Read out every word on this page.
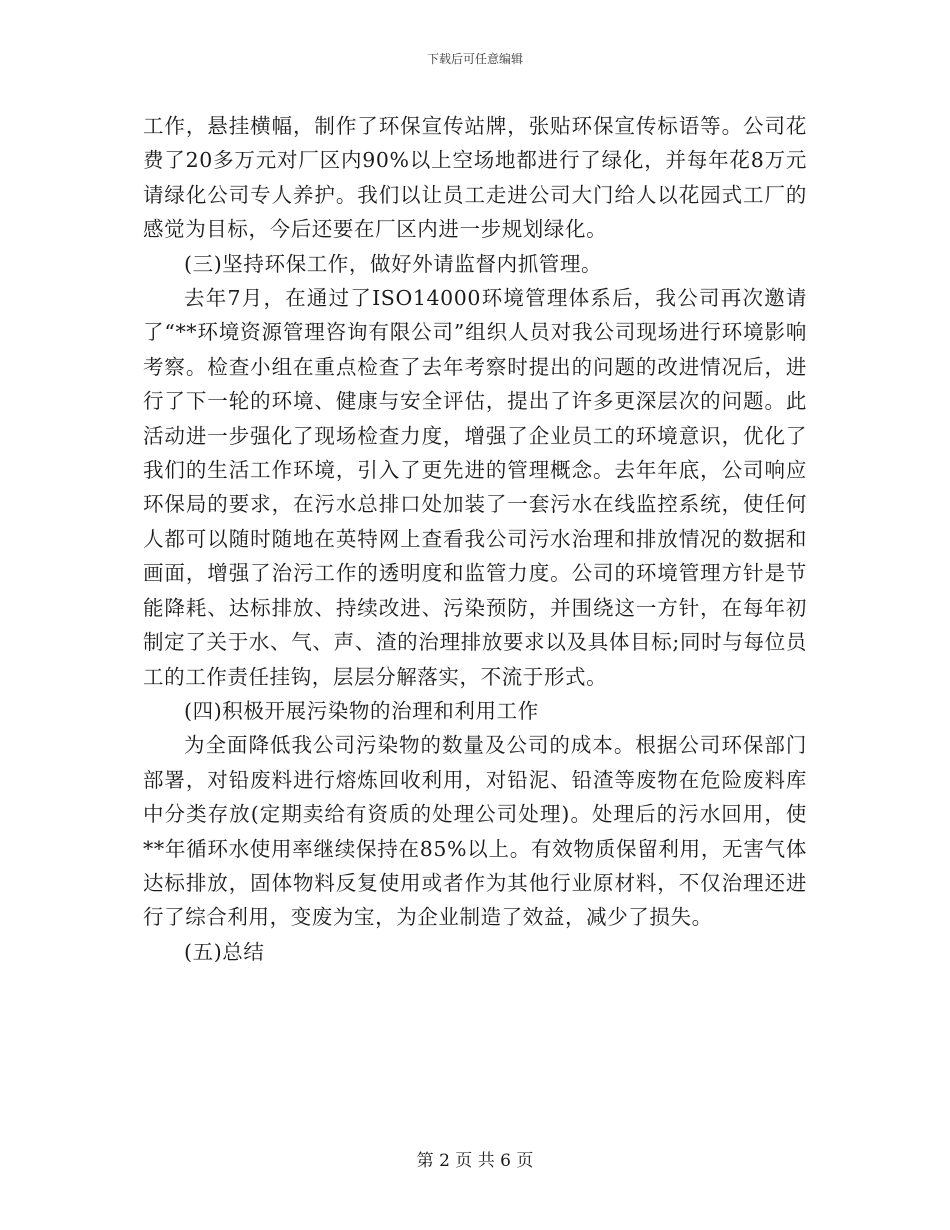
下载后可任意编辑

工作，悬挂横幅，制作了环保宣传站牌，张贴环保宣传标语等。公司花费了20多万元对厂区内90%以上空场地都进行了绿化，并每年花8万元请绿化公司专人养护。我们以让员工走进公司大门给人以花园式工厂的感觉为目标，今后还要在厂区内进一步规划绿化。

(三)坚持环保工作，做好外请监督内抓管理。

去年7月，在通过了ISO14000环境管理体系后，我公司再次邀请了“**环境资源管理咨询有限公司”组织人员对我公司现场进行环境影响考察。检查小组在重点检查了去年考察时提出的问题的改进情况后，进行了下一轮的环境、健康与安全评估，提出了许多更深层次的问题。此活动进一步强化了现场检查力度，增强了企业员工的环境意识，优化了我们的生活工作环境，引入了更先进的管理概念。去年年底，公司响应环保局的要求，在污水总排口处加装了一套污水在线监控系统，使任何人都可以随时随地在英特网上查看我公司污水治理和排放情况的数据和画面，增强了治污工作的透明度和监管力度。公司的环境管理方针是节能降耗、达标排放、持续改进、污染预防，并围绕这一方针，在每年初制定了关于水、气、声、渣的治理排放要求以及具体目标;同时与每位员工的工作责任挂钩，层层分解落实，不流于形式。

(四)积极开展污染物的治理和利用工作

为全面降低我公司污染物的数量及公司的成本。根据公司环保部门部署，对铅废料进行熔炼回收利用，对铅泥、铅渣等废物在危险废料库中分类存放(定期卖给有资质的处理公司处理)。处理后的污水回用，使**年循环水使用率继续保持在85%以上。有效物质保留利用，无害气体达标排放，固体物料反复使用或者作为其他行业原材料，不仅治理还进行了综合利用，变废为宝，为企业制造了效益，减少了损失。

(五)总结

第 2 页 共 6 页
